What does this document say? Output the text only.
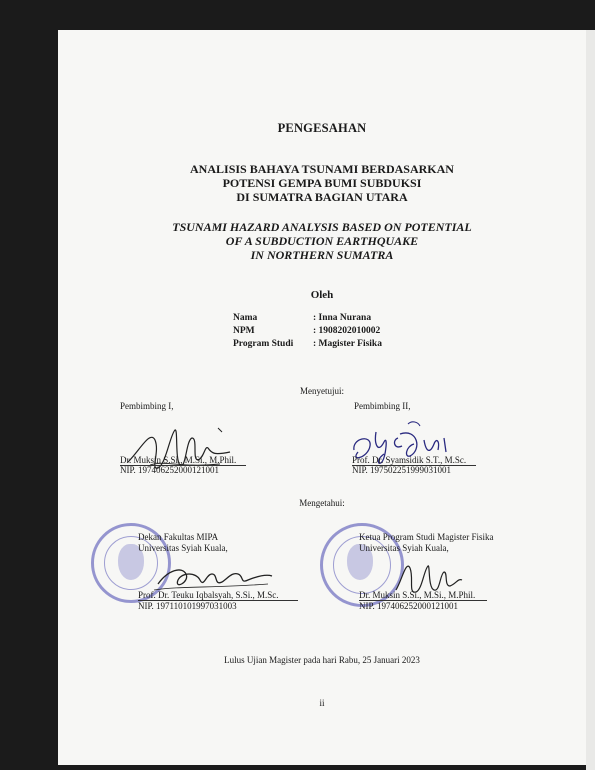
PENGESAHAN
ANALISIS BAHAYA TSUNAMI BERDASARKAN
POTENSI GEMPA BUMI SUBDUKSI
DI SUMATRA BAGIAN UTARA
TSUNAMI HAZARD ANALYSIS BASED ON POTENTIAL
OF A SUBDUCTION EARTHQUAKE
IN NORTHERN SUMATRA
Oleh
Nama	: Inna Nurana
NPM	: 1908202010002
Program Studi : Magister Fisika
Menyetujui:
Pembimbing I,
Dr. Muksin S.Si., M.Si., M.Phil.
NIP. 197406252000121001
Pembimbing II,
Prof. Dr. Syamsidik S.T., M.Sc.
NIP. 197502251999031001
Mengetahui:
Dekan Fakultas MIPA
Universitas Syiah Kuala,
Prof. Dr. Teuku Iqbalsyah, S.Si., M.Sc.
NIP. 197110101997031003
Ketua Program Studi Magister Fisika
Universitas Syiah Kuala,
Dr. Muksin S.Si., M.Si., M.Phil.
NIP. 197406252000121001
Lulus Ujian Magister pada hari Rabu, 25 Januari 2023
ii
